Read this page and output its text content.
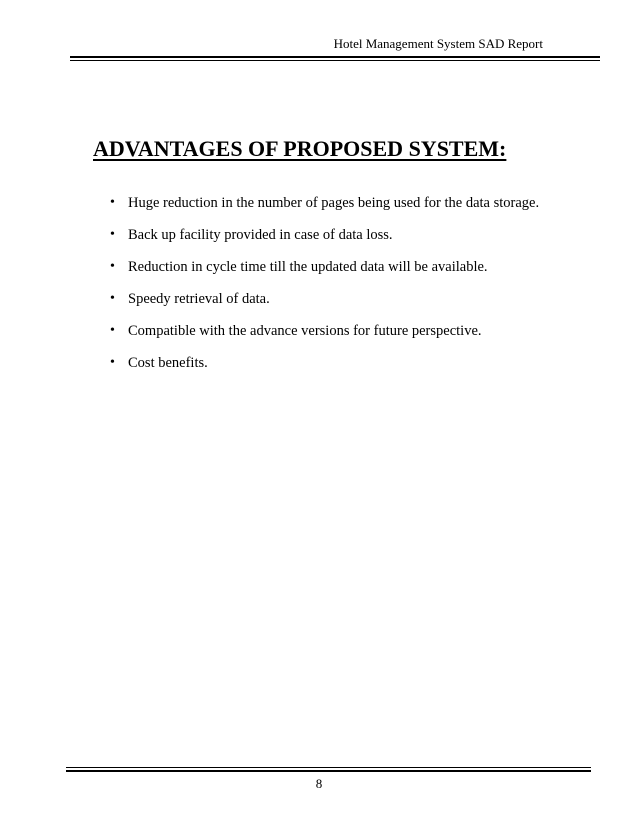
Hotel Management System SAD Report
ADVANTAGES OF PROPOSED SYSTEM:
• Huge reduction in the number of pages being used for the data storage.
• Back up facility provided in case of data loss.
• Reduction in cycle time till the updated data will be available.
• Speedy retrieval of data.
• Compatible with the advance versions for future perspective.
• Cost benefits.
8
